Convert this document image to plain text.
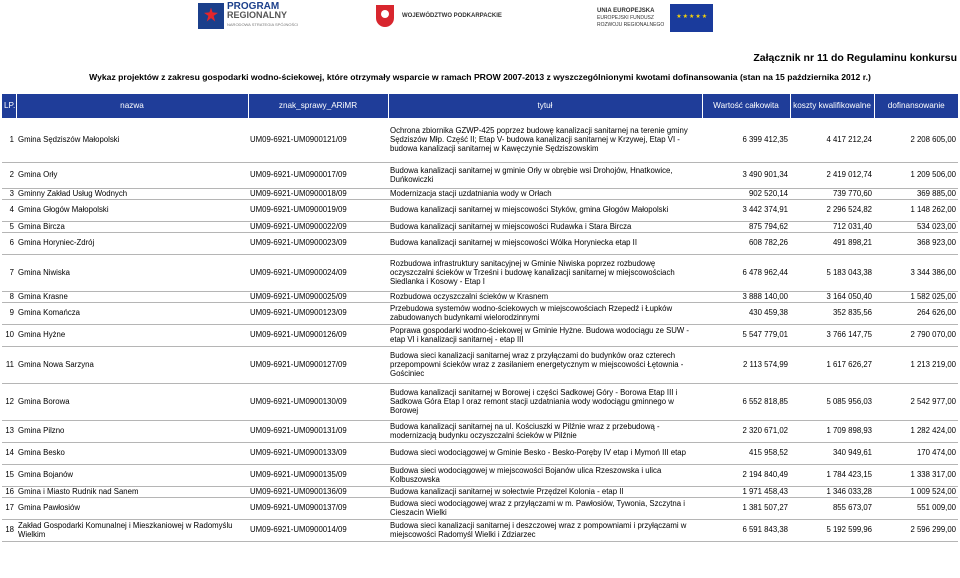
PROGRAM
REGIONALNY
NARODOWA STRATEGIA SPÓJNOŚCI
WOJEWÓDZTWO PODKARPACKIE
UNIA EUROPEJSKA
EUROPEJSKI FUNDUSZ
ROZWOJU REGIONALNEGO
★★★★★
Załącznik nr 11 do Regulaminu konkursu
Wykaz projektów z zakresu gospodarki wodno-ściekowej, które otrzymały wsparcie w ramach PROW 2007-2013 z wyszczególnionymi kwotami dofinansowania (stan na 15 października 2012 r.)
LP.	nazwa	znak_sprawy_ARiMR	tytuł	Wartość całkowita	koszty kwalifikowalne	dofinansowanie
1	Gmina Sędziszów Małopolski	UM09-6921-UM0900121/09	Ochrona zbiornika GZWP-425 poprzez budowę kanalizacji sanitarnej na terenie gminy Sędziszów Młp. Część II; Etap V- budowa kanalizacji sanitarnej w Krzywej, Etap VI - budowa kanalizacji sanitarnej w Kawęczynie Sędziszowskim	6 399 412,35	4 417 212,24	2 208 605,00
2	Gmina Orły	UM09-6921-UM0900017/09	Budowa kanalizacji sanitarnej w gminie Orły w obrębie wsi Drohojów, Hnatkowice, Duńkowiczki	3 490 901,34	2 419 012,74	1 209 506,00
3	Gminny Zakład Usług Wodnych	UM09-6921-UM0900018/09	Modernizacja stacji uzdatniania wody w Orłach	902 520,14	739 770,60	369 885,00
4	Gmina Głogów Małopolski	UM09-6921-UM0900019/09	Budowa kanalizacji sanitarnej w miejscowości Styków, gmina Głogów Małopolski	3 442 374,91	2 296 524,82	1 148 262,00
5	Gmina Bircza	UM09-6921-UM0900022/09	Budowa kanalizacji sanitarnej w miejscowości Rudawka i Stara Bircza	875 794,62	712 031,40	534 023,00
6	Gmina Horyniec-Zdrój	UM09-6921-UM0900023/09	Budowa kanalizacji sanitarnej w miejscowości Wólka Horyniecka etap II	608 782,26	491 898,21	368 923,00
7	Gmina Niwiska	UM09-6921-UM0900024/09	Rozbudowa infrastruktury sanitacyjnej w Gminie Niwiska poprzez rozbudowę oczyszczalni ścieków w Trześni i budowę kanalizacji sanitarnej w miejscowościach Siedlanka i Kosowy - Etap I	6 478 962,44	5 183 043,38	3 344 386,00
8	Gmina Krasne	UM09-6921-UM0900025/09	Rozbudowa oczyszczalni ścieków w Krasnem	3 888 140,00	3 164 050,40	1 582 025,00
9	Gmina Komańcza	UM09-6921-UM0900123/09	Przebudowa systemów wodno-ściekowych w miejscowościach Rzepedź i Łupków zabudowanych budynkami wielorodzinnymi	430 459,38	352 835,56	264 626,00
10	Gmina Hyżne	UM09-6921-UM0900126/09	Poprawa gospodarki wodno-ściekowej w Gminie Hyżne. Budowa wodociągu ze SUW - etap VI i kanalizacji sanitarnej - etap III	5 547 779,01	3 766 147,75	2 790 070,00
11	Gmina Nowa Sarzyna	UM09-6921-UM0900127/09	Budowa sieci kanalizacji sanitarnej wraz z przyłączami do budynków oraz czterech przepompowni ścieków wraz z zasilaniem energetycznym w miejscowości Łętownia - Gościniec	2 113 574,99	1 617 626,27	1 213 219,00
12	Gmina Borowa	UM09-6921-UM0900130/09	Budowa kanalizacji sanitarnej w Borowej i części Sadkowej Góry - Borowa Etap III i Sadkowa Góra Etap I oraz remont stacji uzdatniania wody wodociągu gminnego w Borowej	6 552 818,85	5 085 956,03	2 542 977,00
13	Gmina Pilzno	UM09-6921-UM0900131/09	Budowa kanalizacji sanitarnej na ul. Kościuszki w Pilźnie wraz z przebudową - modernizacją budynku oczyszczalni ścieków w Pilźnie	2 320 671,02	1 709 898,93	1 282 424,00
14	Gmina Besko	UM09-6921-UM0900133/09	Budowa sieci wodociągowej w Gminie Besko - Besko-Poręby IV etap i Mymoń III etap	415 958,52	340 949,61	170 474,00
15	Gmina Bojanów	UM09-6921-UM0900135/09	Budowa sieci wodociągowej w miejscowości Bojanów ulica Rzeszowska i ulica Kolbuszowska	2 194 840,49	1 784 423,15	1 338 317,00
16	Gmina i Miasto Rudnik nad Sanem	UM09-6921-UM0900136/09	Budowa kanalizacji sanitarnej w sołectwie Przędzel Kolonia - etap II	1 971 458,43	1 346 033,28	1 009 524,00
17	Gmina Pawłosiów	UM09-6921-UM0900137/09	Budowa sieci wodociągowej wraz z przyłączami w m. Pawłosiów, Tywonia, Szczytna i Cieszacin Wielki	1 381 507,27	855 673,07	551 009,00
18	Zakład Gospodarki Komunalnej i Mieszkaniowej w Radomyślu Wielkim	UM09-6921-UM0900014/09	Budowa sieci kanalizacji sanitarnej i deszczowej wraz z pompowniami i przyłączami w miejscowości Radomyśl Wielki i Zdziarzec	6 591 843,38	5 192 599,96	2 596 299,00
